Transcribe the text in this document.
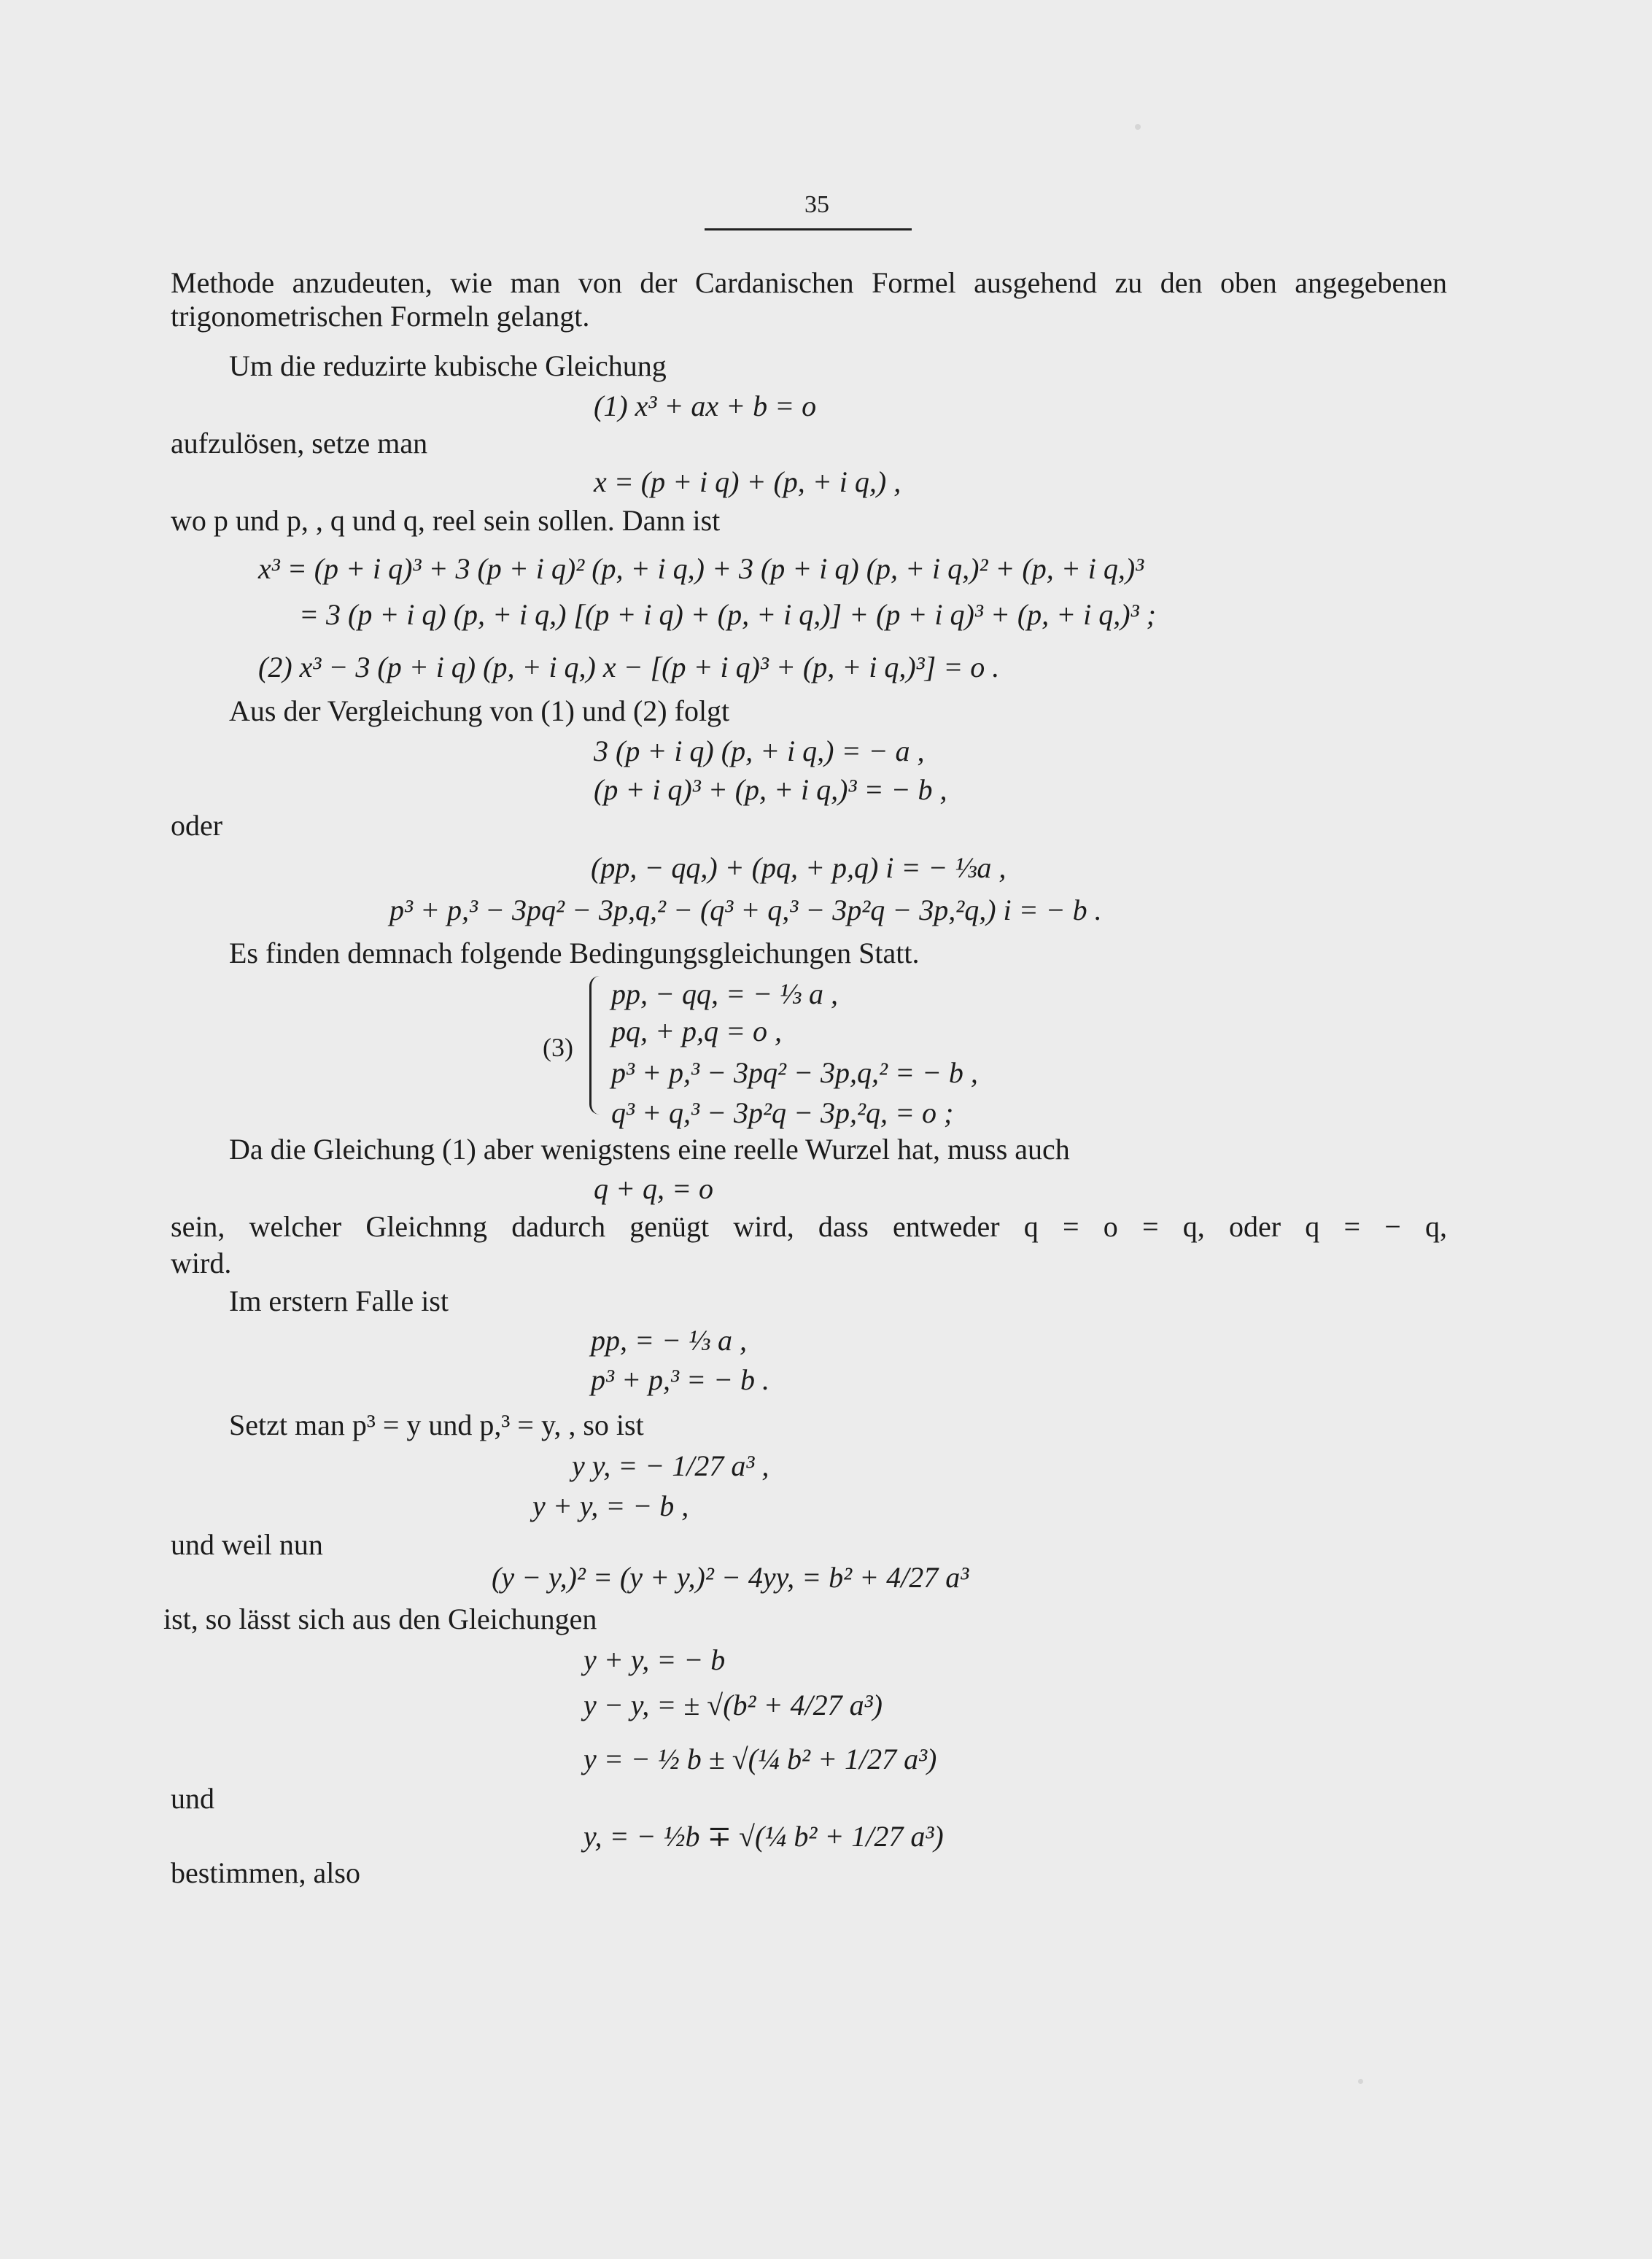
35
Methode anzudeuten, wie man von der Cardanischen Formel ausgehend zu den oben angegebenen
trigonometrischen Formeln gelangt.
Um die reduzirte kubische Gleichung
(1) x³ + ax + b = o
aufzulösen, setze man
x = (p + i q) + (p, + i q,) ,
wo p und p, , q und q, reel sein sollen. Dann ist
x³ = (p + i q)³ + 3 (p + i q)² (p, + i q,) + 3 (p + i q) (p, + i q,)² + (p, + i q,)³
= 3 (p + i q) (p, + i q,) [(p + i q) + (p, + i q,)] + (p + i q)³ + (p, + i q,)³ ;
(2) x³ − 3 (p + i q) (p, + i q,) x − [(p + i q)³ + (p, + i q,)³] = o .
Aus der Vergleichung von (1) und (2) folgt
3 (p + i q) (p, + i q,) = − a ,
(p + i q)³ + (p, + i q,)³ = − b ,
oder
(pp, − qq,) + (pq, + p,q) i = − ⅓a ,
p³ + p,³ − 3pq² − 3p,q,² − (q³ + q,³ − 3p²q − 3p,²q,) i = − b .
Es finden demnach folgende Bedingungsgleichungen Statt.
pp, − qq, = − ⅓ a ,
pq, + p,q = o ,
(3)
p³ + p,³ − 3pq² − 3p,q,² = − b ,
q³ + q,³ − 3p²q − 3p,²q, = o ;
Da die Gleichung (1) aber wenigstens eine reelle Wurzel hat, muss auch
q + q, = o
sein, welcher Gleichnng dadurch genügt wird, dass entweder q = o = q, oder q = − q,
wird.
Im erstern Falle ist
pp, = − ⅓ a ,
p³ + p,³ = − b .
Setzt man p³ = y und p,³ = y, , so ist
y y, = − 1/27 a³ ,
y + y, = − b ,
und weil nun
(y − y,)² = (y + y,)² − 4yy, = b² + 4/27 a³
ist, so lässt sich aus den Gleichungen
y + y, = − b
y − y, = ± √(b² + 4/27 a³)
y = − ½ b ± √(¼ b² + 1/27 a³)
und
y, = − ½b ∓ √(¼ b² + 1/27 a³)
bestimmen, also
